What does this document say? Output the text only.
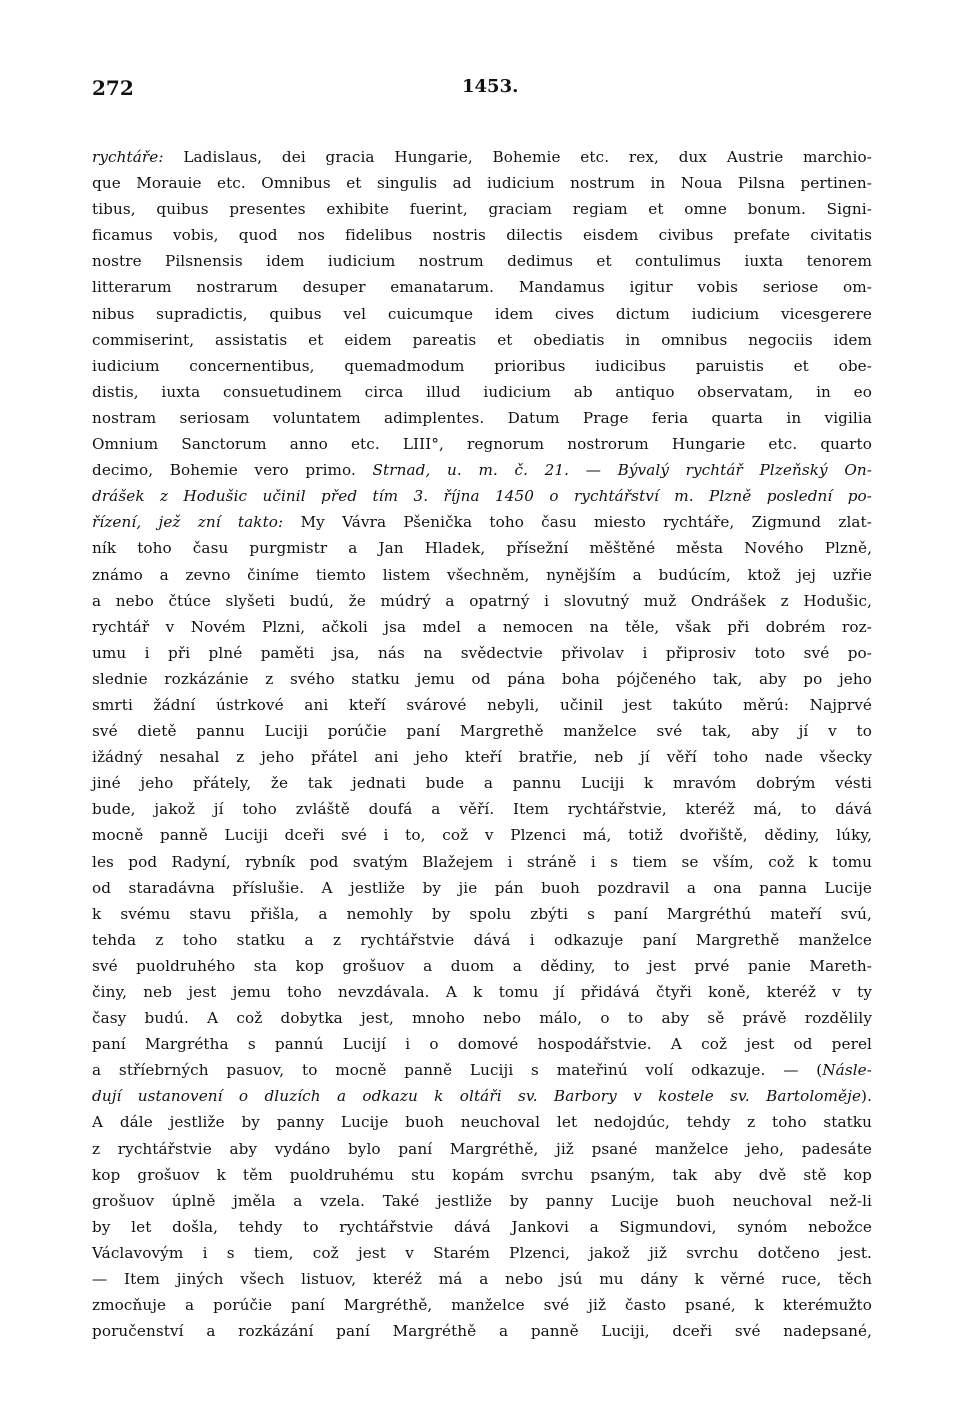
272	1453.
rychtáře: Ladislaus, dei gracia Hungarie, Bohemie etc. rex, dux Austrie marchio-
que Morauie etc. Omnibus et singulis ad iudicium nostrum in Noua Pilsna pertinen-
tibus, quibus presentes exhibite fuerint, graciam regiam et omne bonum. Signi-
ficamus vobis, quod nos fidelibus nostris dilectis eisdem civibus prefate civitatis
nostre Pilsnensis idem iudicium nostrum dedimus et contulimus iuxta tenorem
litterarum nostrarum desuper emanatarum. Mandamus igitur vobis seriose om-
nibus supradictis, quibus vel cuicumque idem cives dictum iudicium vicesgerere
commiserint, assistatis et eidem pareatis et obediatis in omnibus negociis idem
iudicium concernentibus, quemadmodum prioribus iudicibus paruistis et obe-
distis, iuxta consuetudinem circa illud iudicium ab antiquo observatam, in eo
nostram seriosam voluntatem adimplentes. Datum Prage feria quarta in vigilia
Omnium Sanctorum anno etc. LIII°, regnorum nostrorum Hungarie etc. quarto
decimo, Bohemie vero primo. Strnad, u. m. č. 21. — Bývalý rychtář Plzeňský On-
drášek z Hodušic učinil před tím 3. října 1450 o rychtářství m. Plzně poslední po-
řízení, jež zní takto: My Vávra Pšenička toho času miesto rychtáře, Zigmund zlat-
ník toho času purgmistr a Jan Hladek, přísežní měštěné města Nového Plzně,
známo a zevno činíme tiemto listem všechněm, nynějším a budúcím, ktož jej uzřie
a nebo čtúce slyšeti budú, že múdrý a opatrný i slovutný muž Ondrášek z Hodušic,
rychtář v Novém Plzni, ačkoli jsa mdel a nemocen na těle, však při dobrém roz-
umu i při plné paměti jsa, nás na svědectvie přivolav i připrosiv toto své po-
slednie rozkázánie z svého statku jemu od pána boha pójčeného tak, aby po jeho
smrti žádní ústrkové ani kteří svárové nebyli, učinil jest takúto měrú: Najprvé
své dietě pannu Luciji porúčie paní Margrethě manželce své tak, aby jí v to
ižádný nesahal z jeho přátel ani jeho kteří bratřie, neb jí věří toho nade všecky
jiné jeho přátely, že tak jednati bude a pannu Luciji k mravóm dobrým vésti
bude, jakož jí toho zvláště doufá a věří. Item rychtářstvie, kteréž má, to dává
mocně panně Luciji dceři své i to, což v Plzenci má, totiž dvořiště, dědiny, lúky,
les pod Radyní, rybník pod svatým Blažejem i stráně i s tiem se vším, což k tomu
od staradávna příslušie. A jestliže by jie pán buoh pozdravil a ona panna Lucije
k svému stavu přišla, a nemohly by spolu zbýti s paní Margréthú mateří svú,
tehda z toho statku a z rychtářstvie dává i odkazuje paní Margrethě manželce
své puoldruhého sta kop grošuov a duom a dědiny, to jest prvé panie Mareth-
činy, neb jest jemu toho nevzdávala. A k tomu jí přidává čtyři koně, kteréž v ty
časy budú. A což dobytka jest, mnoho nebo málo, o to aby sě právě rozdělily
paní Margrétha s pannú Lucijí i o domové hospodářstvie. A což jest od perel
a stříebrných pasuov, to mocně panně Luciji s mateřinú volí odkazuje. — (Násle-
dují ustanovení o dluzích a odkazu k oltáři sv. Barbory v kostele sv. Bartoloměje).
A dále jestliže by panny Lucije buoh neuchoval let nedojdúc, tehdy z toho statku
z rychtářstvie aby vydáno bylo paní Margréthě, již psané manželce jeho, padesáte
kop grošuov k těm puoldruhému stu kopám svrchu psaným, tak aby dvě stě kop
grošuov úplně jměla a vzela. Také jestliže by panny Lucije buoh neuchoval než-li
by let došla, tehdy to rychtářstvie dává Jankovi a Sigmundovi, synóm nebožce
Václavovým i s tiem, což jest v Starém Plzenci, jakož již svrchu dotčeno jest.
— Item jiných všech listuov, kteréž má a nebo jsú mu dány k věrné ruce, těch
zmocňuje a porúčie paní Margréthě, manželce své již často psané, k kterémužto
poručenství a rozkázání paní Margréthě a panně Luciji, dceři své nadepsané,
